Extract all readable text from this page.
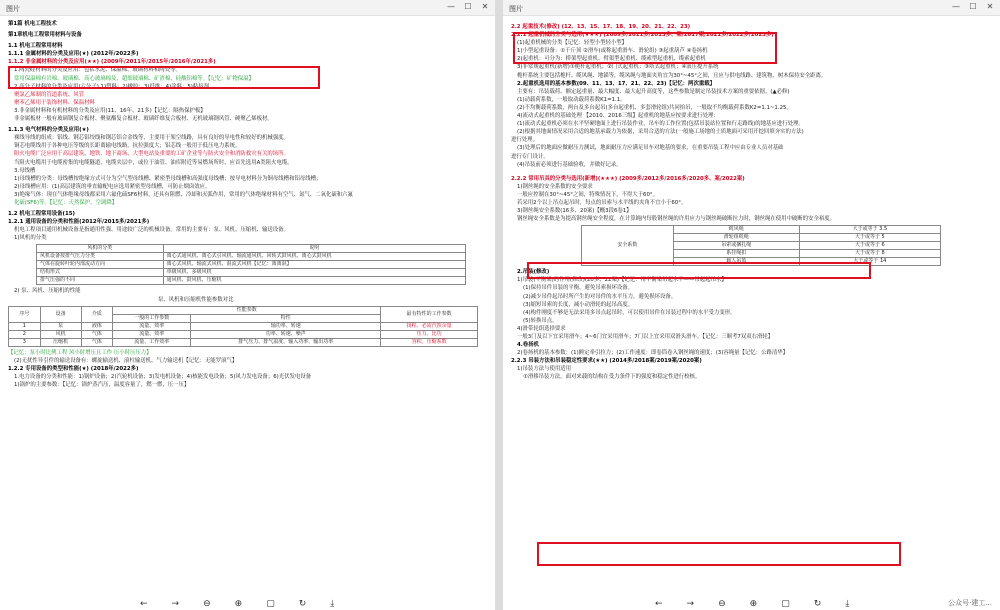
图片	— ☐ ✕

第1篇 机电工程技术

第1章机电工程常用材料与设备

1.1 机电工程常用材料

1.1.1 金属材料的分类及应用(★) (2012年/2022多)

1.1.2 非金属材料的分类及应用(★★) (2009年/2011年/2015年/2016年/2021多)

1.陶瓷硅材料的分类及应用：包括水泥、保温棉、玻璃材料和陶瓷等。

常用保温棉有岩棉、玻璃棉、高心玻璃棉及、超细玻璃棉、矿渣棉、硅酸铝棉等。【记忆：矿物保温】

2.高分子材料的分类及应用(六分子) 1)塑料；2)橡胶；3)纤维；4)涂料；5)粘接剂

聚氯乙烯制的管道系统、风管

聚苯乙烯用于装饰材料、保温材料

3.非金属材料和有机材料的分类及应用(11、16年、21多)【记忆：隔热保护板】

非金属板材一般有玻璃钢复合板材、聚氨酯复合板材、玻璃纤维复合板材、无机玻璃钢风管、硬聚乙烯板材。

1.1.3 电气材料的分类及应用(★)

裸线导线的组成：铝线、钢芯铝绞线和钢芯铝合金线等，主要用于架空线路，具有良好的导电性和较好的机械强度。

铜芯电缆线用于各种电压等级的长距离输电线路，抗拉强度大；铝芯线一般用于低压电力系统。

阻火电缆广泛应用于高层建筑、地铁、地下商场、大型电站及重要的工矿企业等与防火安全和消防救灾有关的场所。

当阻火电缆用于电缆密集的电缆隧道、电缆夹层中，或位于油管、油库附近等易燃场所时，应首先选用A类阻火电缆。

3.母线槽

1)母线槽的分类：母线槽按绝缘方式可分为空气型母线槽、紧密型母线槽和高强度母线槽；按导电材料分为铜母线槽和铝母线槽；

2)母线槽应用：(1)高层建筑的垂直输配电应选用紧密型母线槽，可防止烟囱效应。

3)绝缘气体：现在气体绝缘母线都采用六氟化硫SF6材料，还具有阻燃、冷却和灭弧作用，常用的气体绝缘材料有空气、氮气、二氧化硫和六氟

化硫(SF6)等。【记忆：天然保护、空调降】

1.2 机电工程常用设备(15)

1.2.1 通用设备的分类和性能(2012年/2015多/2021多)

机电工程项目通用机械设备是指通用性强、用途较广泛的机械设备。常用的主要有：泵、风机、压缩机、输送设备。

1)风机的分类

风机的分类	说明
风机设备按排气压力分类	离心式通风机、离心式引风机、轴流通风机、回转式鼓风机、离心式鼓风机
气体在旋转叶轮内部流动方向	离心式风机、轴流式风机、混流式风机【记忆：离离混】
结构形式	单级风机、多级风机
排气压强的不同	通风机、鼓风机、压缩机

2) 泵、风机、压缩机的性能

泵、风机和压缩机性能参数对比

序号	设备	介质	性能参数		最有特性的工作参数
			一般的工作参数	特性	
1	泵	液体	流量、效率	轴功率、转速	扬程、必需汽蚀余量
2	风机	气体	流量、效率	功率、转速、噪声	压力、比功
3	压缩机	气体	流量、工作效率	排气压力、排气温度、输入功率、输出功率	容积、压缩系数

【记忆：泵小时比例工程 风小时增压且工作 压小时压压力】

(2)无扰性导引件的输送设备有：螺旋输送机、滚柱输送机、气力输送机【记忆：无能罗滚气】

1.2.2 专用设备的类型和性能(★) (2018年/2022多)

1.电力设备的分类和性能：1)锅炉设备；2)汽轮机设备；3)发电机设备；4)核能发电设备；5)风力发电设备；6)光伏发电设备

1)锅炉的主要参数：【记忆：锅炉蒸汽压，温度容量了，燃一燃，压一压】

←	→	⊖	⊕	▢	↻	⤓
图片	— ☐ ✕

2.2 起重技术(修改) (12、13、15、17、18、19、20、21、22、23)

2.2.1 起重机械的分类与选用(★★★) (2009多/2011多/2013多、案/2017案/2021多/2022多/2023多)

(1)起重机械的分类【记忆：轻型小型轻小型】

1)小型起重设备：①千斤顶 ②滑车(或称起重滑车、滑轮组) ③起重葫芦 ④卷扬机

2)起重机：可分为：桥架型起重机、臂架型起重机、缆索型起重机、缆索起重机

3)非常规起重机(新增)①桅杆起重机；②门式起重机；③塔式起重机；④液压提升系统

桅杆系统主要包括桅杆、缆风绳、地锚等，缆风绳与地面夹角宜为30°~45°之间，且应与供电线路、建筑物、树木保持安全距离。

2.起重机选用的基本参数(09、11、13、17、21、22、23)【记忆：两次重载】

主要有：吊装载荷、额定起重量、最大幅度、最大起升高度等，这些参数是制定吊装技术方案的重要依据。(▲必修)

(1)动载荷系数，一般取动载荷系数K1=1.1。

(2)不均衡载荷系数，两台及多台起吊(多台起重机、多套滑轮组)共同抬吊，一般取不均衡载荷系数K2=1.1~1.25。

4)流动式起重机的基础处理 【2010、2016三级】起重机的地基应按要求进行处理：

(1)流动式起重机必须在水平坚硬地面上进行吊装作业，吊车的工作位置(包括吊装站位置和行走路线)的地基应进行处理。

(2)根据其地面情况采用合适的地基承载力为依据，采用合适的方法(一般施工场地的土质地面可采用开挖回填夯实的方法)

进行处理。

(3)处理后的地面应做耐压力测试，地面耐压力应满足吊车对地基的要求，在重要吊装工程中应由专业人员对基础

进行专门设计。

(4)吊装前必须进行基础验收，并做好记录。

2.2.2 常用吊具的分类与选用(新增)(★★★) (2009多/2012多/2016多/2020多、案/2022案)

1)钢丝绳的安全系数的安全要求

一般应控制在30°~45°之间，特殊情况下，不得大于60°。

若采用2个以上吊点起吊时，每点的吊索与水平线的夹角不宜小于60°。

3)钢丝绳安全系数(16多、20案)【概3段6卷1】

钢丝绳安全系数是为提高钢丝绳安全程度，在计算绳内每股钢丝绳的许用应力与钢丝绳破断拉力时，钢丝绳在使用中破断的安全裕度。

安全系数	缆风绳	大于或等于 3.5
	滑轮组缆绳	大于或等于 5
	吊索或捆扎绳	大于或等于 6
	系挂绳扣	大于或等于 8
	载人吊篮	大于或等于 14

2.吊装(修改)

1)吊装(平衡梁)的作用(修改)(20多、22案)【记忆：用平衡梁吊起水平——吊起起吊水】

(1)保持吊件吊装的平衡，避免吊索损坏设备。

(2)减少吊件起吊时所产生的对吊件的水平压力，避免损坏设备。

(3)缩短吊索的长度，减小动滑轮的起吊高度。

(4)构件刚度不够是无法采用多吊点起吊时，可以使用吊件在吊装过程中的水平受力变形。

(5)转换吊点。

4)滑带轮组选择要求

一般3门及以下宜采用滑车；4~6门宜采用滑车；7门以上宜采用双滑头滑车。【记忆：三顺考7双双右滑轮】

4.卷扬机

2)卷扬机的基本参数：(1)额定牵引拉力；(2)工作速度：即卷筒卷入钢丝绳的速度；(3)容绳量【记忆：公路清华】

2.2.3 吊装方法和吊装稳定性要求(★★) (2014多/2018案/2019案/2020案)

1)吊装方法与使用适用

①滑移吊装方法，面对来载的结构在受力条件下的强度和稳定性进行校核。

←	→	⊖	⊕	▢	↻	⤓	公众号·建工...
